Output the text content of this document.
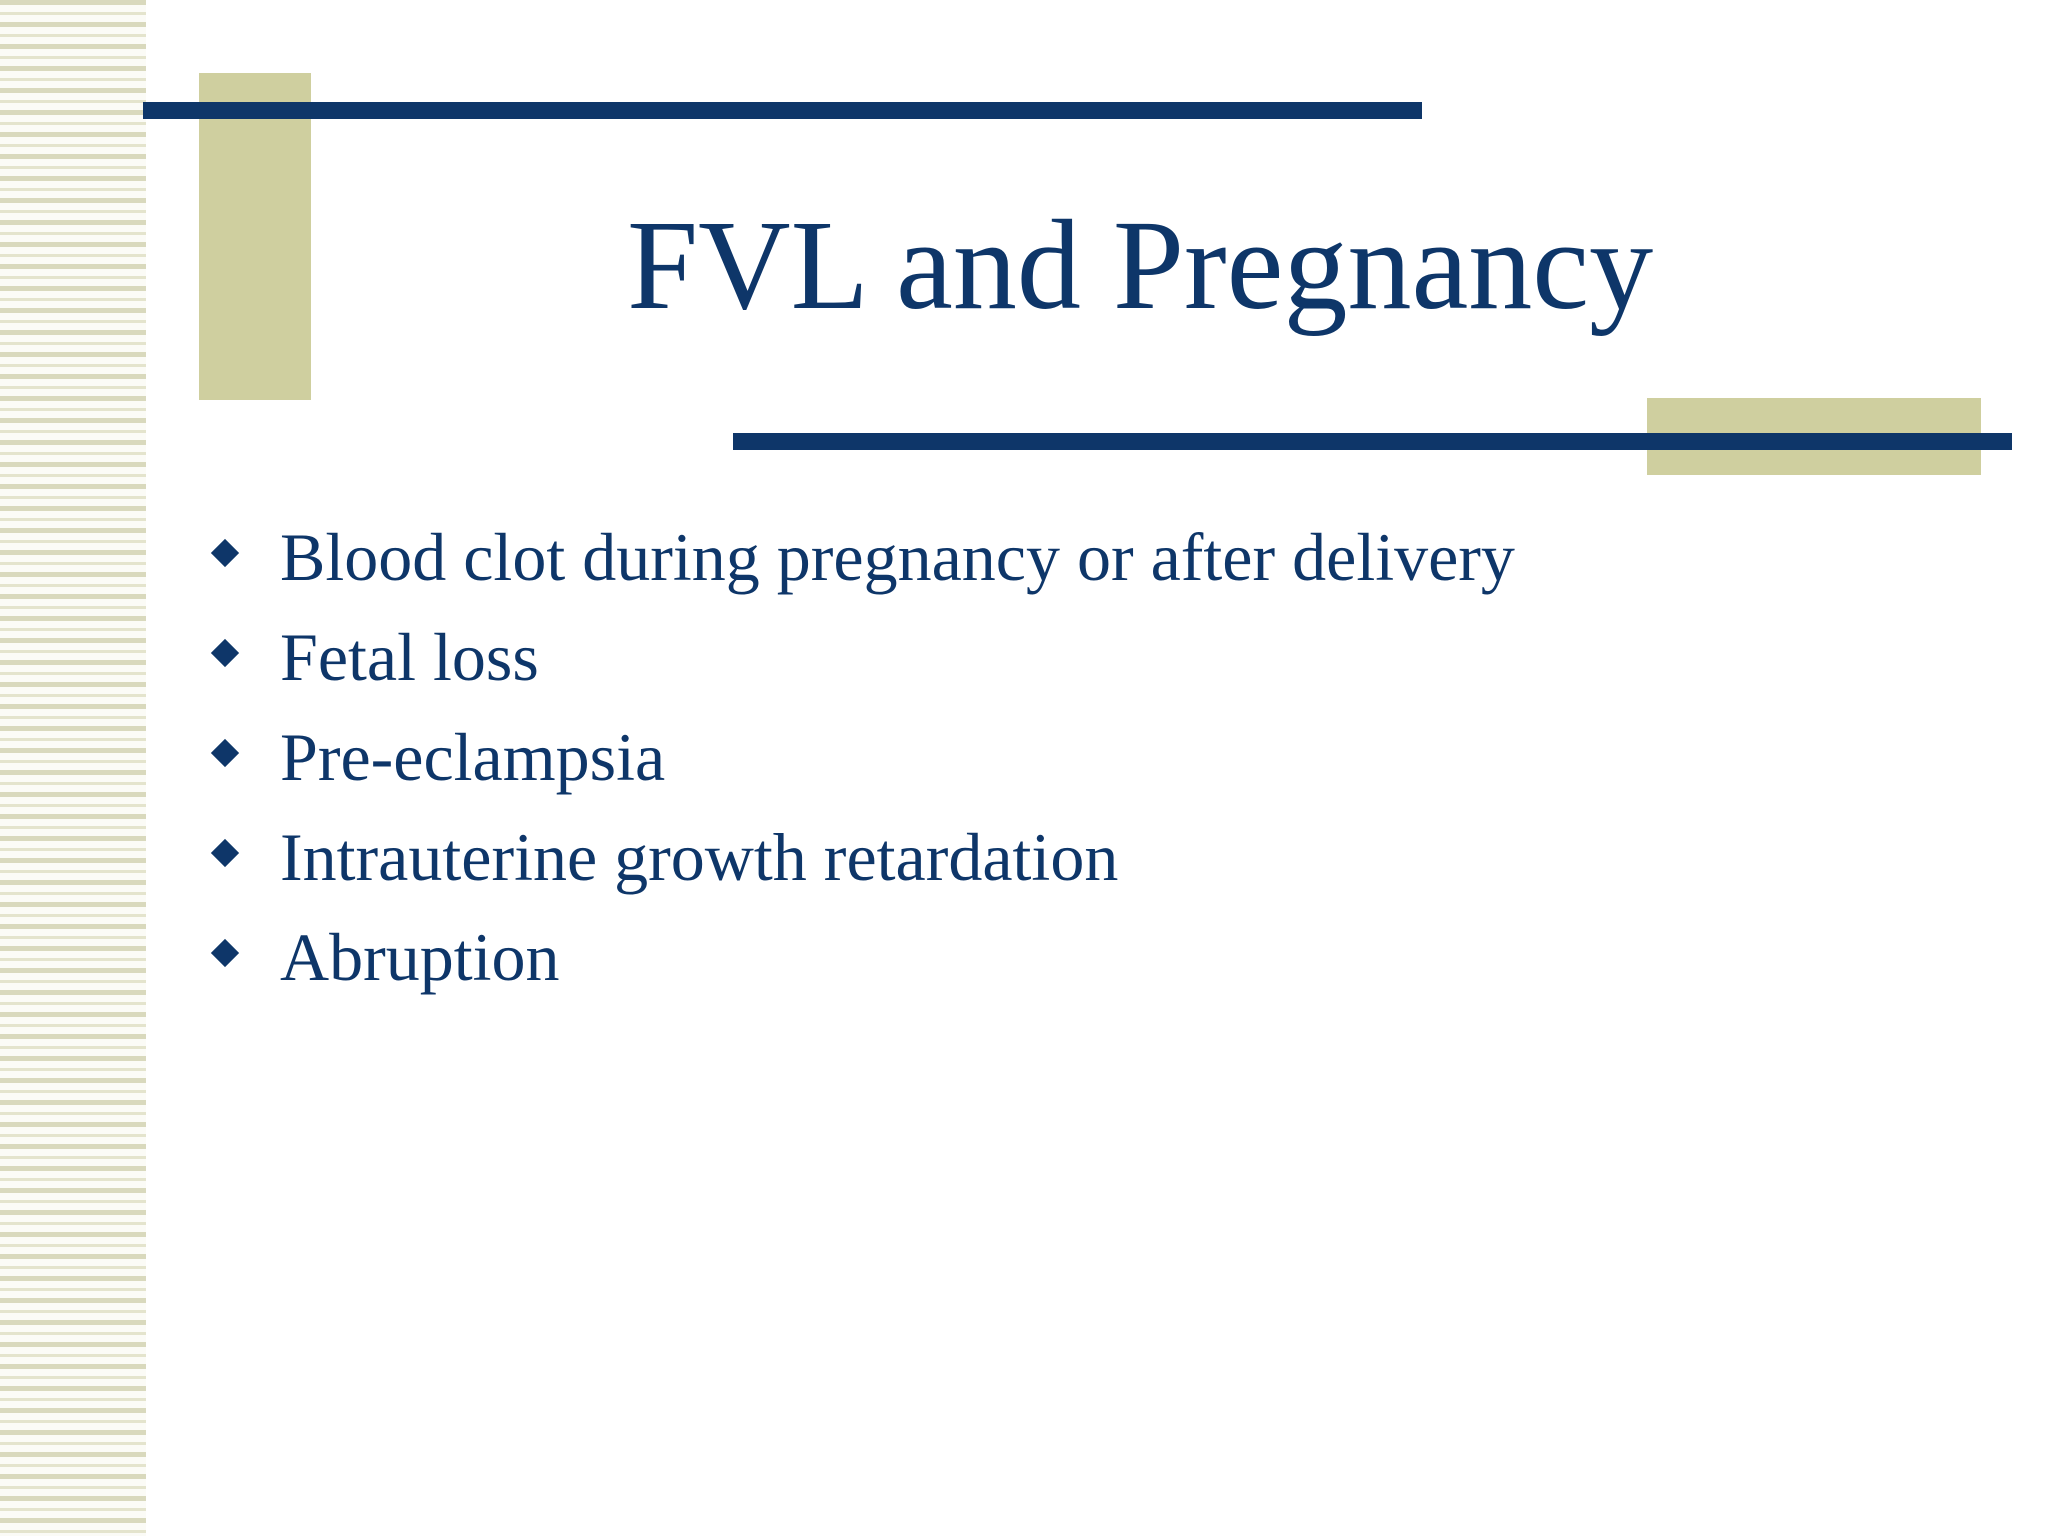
FVL and Pregnancy
Blood clot during pregnancy or after delivery
Fetal loss
Pre-eclampsia
Intrauterine growth retardation
Abruption
